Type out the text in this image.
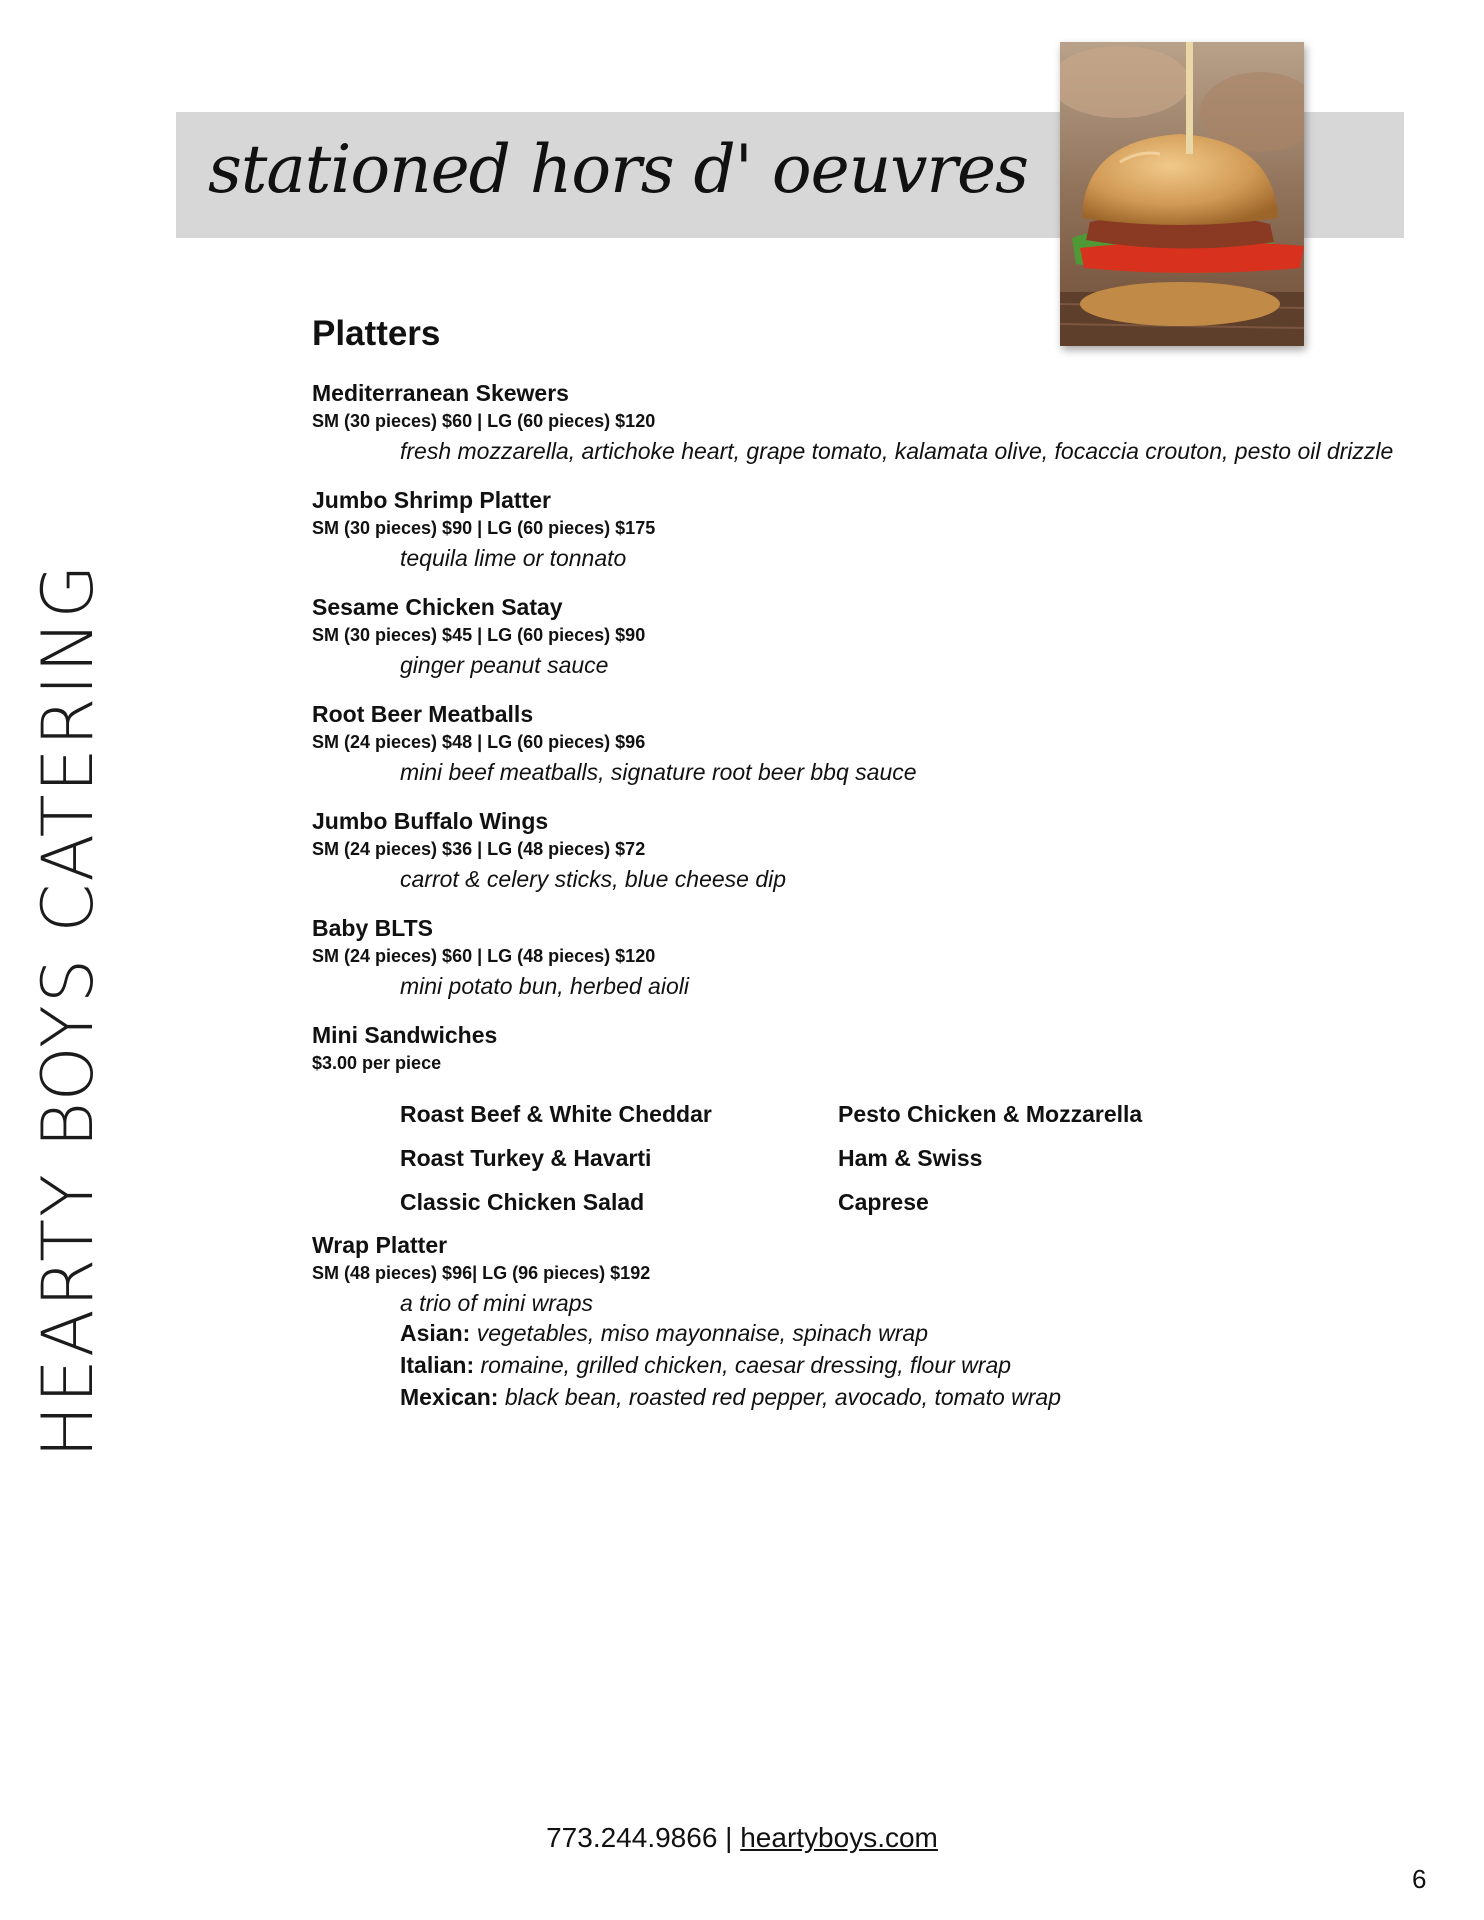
stationed hors d' oeuvres
HEARTY BOYS CATERING
Platters
Mediterranean Skewers
SM (30 pieces) $60 | LG (60 pieces) $120
fresh mozzarella, artichoke heart, grape tomato, kalamata olive, focaccia crouton, pesto oil drizzle
Jumbo Shrimp Platter
SM (30 pieces) $90 | LG (60 pieces) $175
tequila lime or tonnato
Sesame Chicken Satay
SM (30 pieces) $45 | LG (60 pieces) $90
ginger peanut sauce
Root Beer Meatballs
SM (24 pieces) $48 | LG (60 pieces) $96
mini beef meatballs, signature root beer bbq sauce
Jumbo Buffalo Wings
SM (24 pieces) $36 | LG (48 pieces) $72
carrot & celery sticks, blue cheese dip
Baby BLTS
SM (24 pieces) $60 | LG (48 pieces) $120
mini potato bun, herbed aioli
Mini Sandwiches
$3.00 per piece
Roast Beef & White Cheddar	Pesto Chicken & Mozzarella
Roast Turkey & Havarti	Ham & Swiss
Classic Chicken Salad	Caprese
Wrap Platter
SM (48 pieces) $96| LG (96 pieces) $192
a trio of mini wraps
Asian: vegetables, miso mayonnaise, spinach wrap
Italian: romaine, grilled chicken, caesar dressing, flour wrap
Mexican: black bean, roasted red pepper, avocado, tomato wrap
773.244.9866 | heartyboys.com
6
